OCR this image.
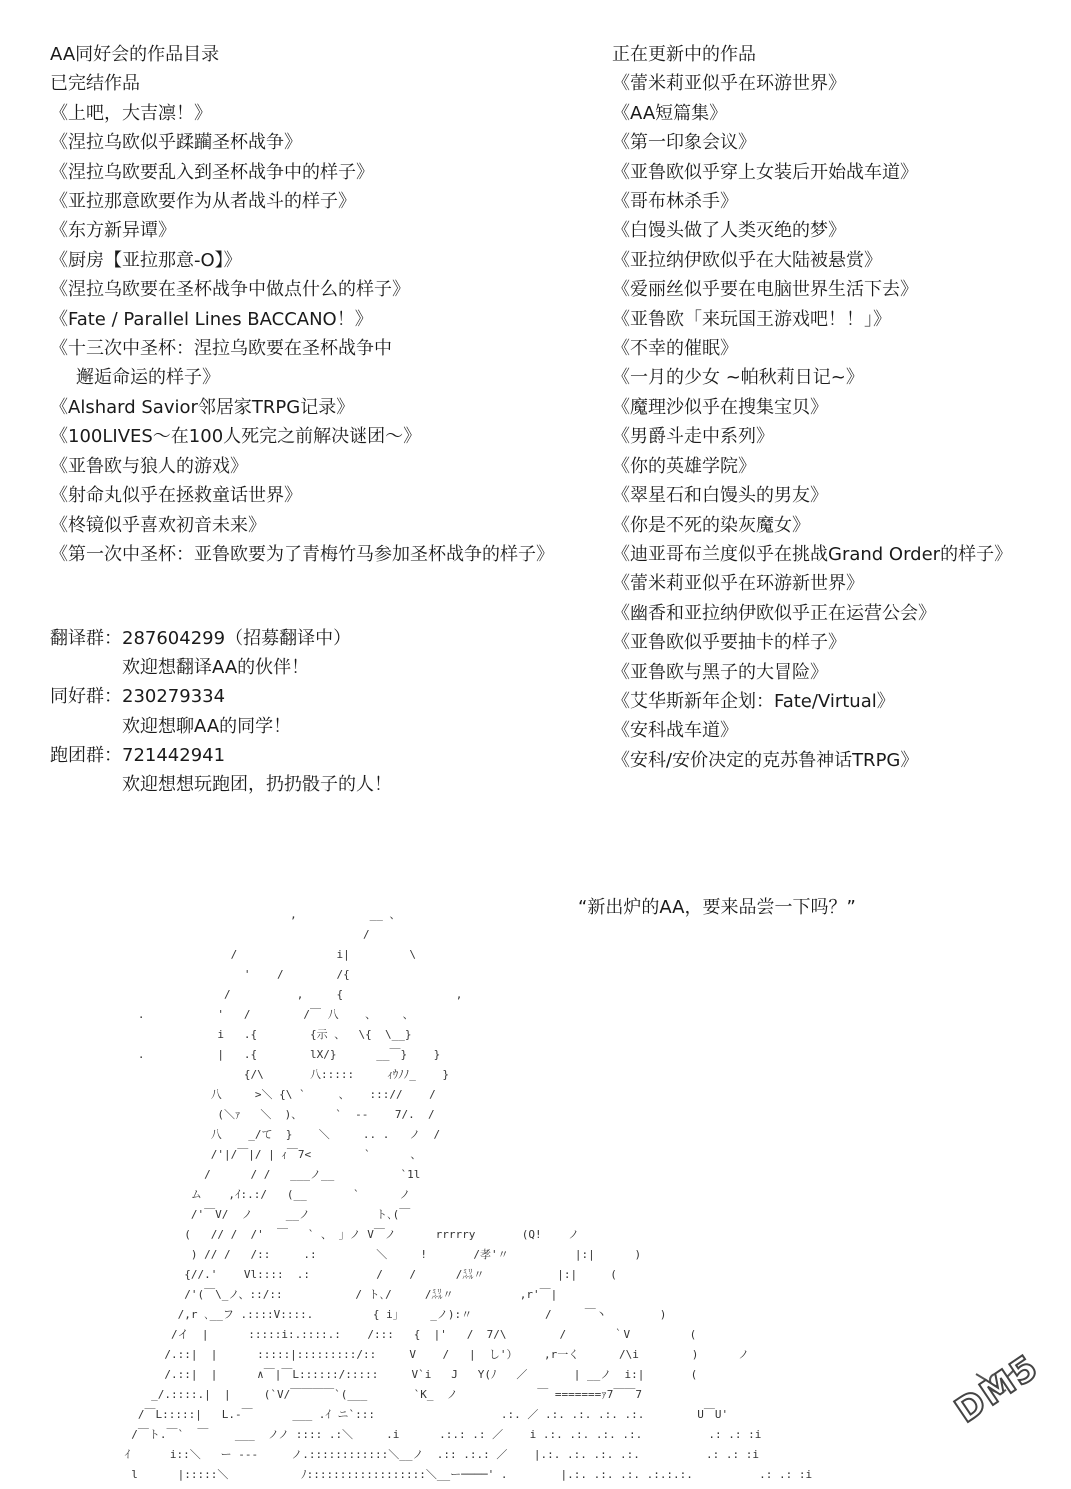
AA同好会的作品目录
已完结作品
《上吧，大吉凛！》
《涅拉乌欧似乎蹂躏圣杯战争》
《涅拉乌欧要乱入到圣杯战争中的样子》
《亚拉那意欧要作为从者战斗的样子》
《东方新异谭》
《厨房【亚拉那意-O】》
《涅拉乌欧要在圣杯战争中做点什么的样子》
《Fate / Parallel Lines BACCANO！》
《十三次中圣杯：涅拉乌欧要在圣杯战争中
邂逅命运的样子》
《Alshard Savior邻居家TRPG记录》
《100LIVES～在100人死完之前解决谜团～》
《亚鲁欧与狼人的游戏》
《射命丸似乎在拯救童话世界》
《柊镜似乎喜欢初音未来》
《第一次中圣杯：亚鲁欧要为了青梅竹马参加圣杯战争的样子》
正在更新中的作品
《蕾米莉亚似乎在环游世界》
《AA短篇集》
《第一印象会议》
《亚鲁欧似乎穿上女装后开始战车道》
《哥布林杀手》
《白馒头做了人类灭绝的梦》
《亚拉纳伊欧似乎在大陆被悬赏》
《爱丽丝似乎要在电脑世界生活下去》
《亚鲁欧「来玩国王游戏吧！！」》
《不幸的催眠》
《一月的少女 ~帕秋莉日记~》
《魔理沙似乎在搜集宝贝》
《男爵斗走中系列》
《你的英雄学院》
《翠星石和白馒头的男友》
《你是不死的染灰魔女》
《迪亚哥布兰度似乎在挑战Grand Order的样子》
《蕾米莉亚似乎在环游新世界》
《幽香和亚拉纳伊欧似乎正在运营公会》
《亚鲁欧似乎要抽卡的样子》
《亚鲁欧与黑子的大冒险》
《艾华斯新年企划：Fate/Virtual》
《安科战车道》
《安科/安价决定的克苏鲁神话TRPG》
翻译群： 287604299（招募翻译中）
欢迎想翻译AA的伙伴！
同好群： 230279334
欢迎想聊AA的同学！
跑团群： 721442941
欢迎想想玩跑团，扔扔骰子的人！
“新出炉的AA，要来品尝一下吗？”
,           __ 、
/
/               i|         \
'    /        /{
/          ,     {                 ,
.           '   /        /￣ 八    、    、
i   .{        {示 、  \{  \__}
.           |   .{        lX/}      __￣}    }
{/\       八:::::     ｨｳﾉﾉ_    }
八     >＼ {\ `     、   ::://    /
(＼ｧ   ＼  )、     `  --    7/.  /
八    _/て  }    ＼     .. .   ノ  /
/'|/￣|/ | ｨ￣7<        `      、
/      / /   ___ノ__          `1l
ム    ,ｲ:.:/   (__       `      ノ
/'￣V/  ノ     __ノ          ト､(￣
(   // /  /'  ￣   ` 、 」ノ V￣ノ      rrrrry       (Q!    ノ
) // /   /::     .:         ＼     !       /孝'〃          |:|      )
{//.'    Vl::::  .:          /    /      /㍊〃           |:|     (
/'(￣\_ノ、::/::           / ト､/     /㍊〃          ,r'￣|
/,r ､__フ .::::V::::.         { i」    _ノ):〃           /     ￣丶        )
/イ  |      :::::i:.::::.:    /:::   {  |'   /  7/\        /       ｀V         (
/.::|  |      :::::|:::::::::/::     V    /   |  し'）    ,r一く      /\i        )      ノ
/.::|  |      ∧￣|￣L::::::/:::::     V`i   J   Y(ﾉ   ／       | __ノ  i:|       (
_/.::::.|  |     (`V/￣￣￣￣`(___       `K_  ノ            ￣ =======ｧ7￣￣7
/￣L:::::|   L.‐￣      ___ .ｲ ニ`:::                   .:. ／ .:. .:. .:. .:.        U￣U'
/￣ト.￣`  ￣    ___  ノノ :::: .:＼     .i      .:.: .: ／    i .:. .:. .:. .:.          .: .: :i
ｲ      i::＼   ー ‐‐-     ノ.::::::::::::＼__ノ  .:: .:.: ／    |.:. .:. .:. .:.          .: .: :i
l      |:::::＼           ﾉ::::::::::::::::::＼__ー────' .        |.:. .:. .:. .:.:.:.          .: .: :i

DM5
